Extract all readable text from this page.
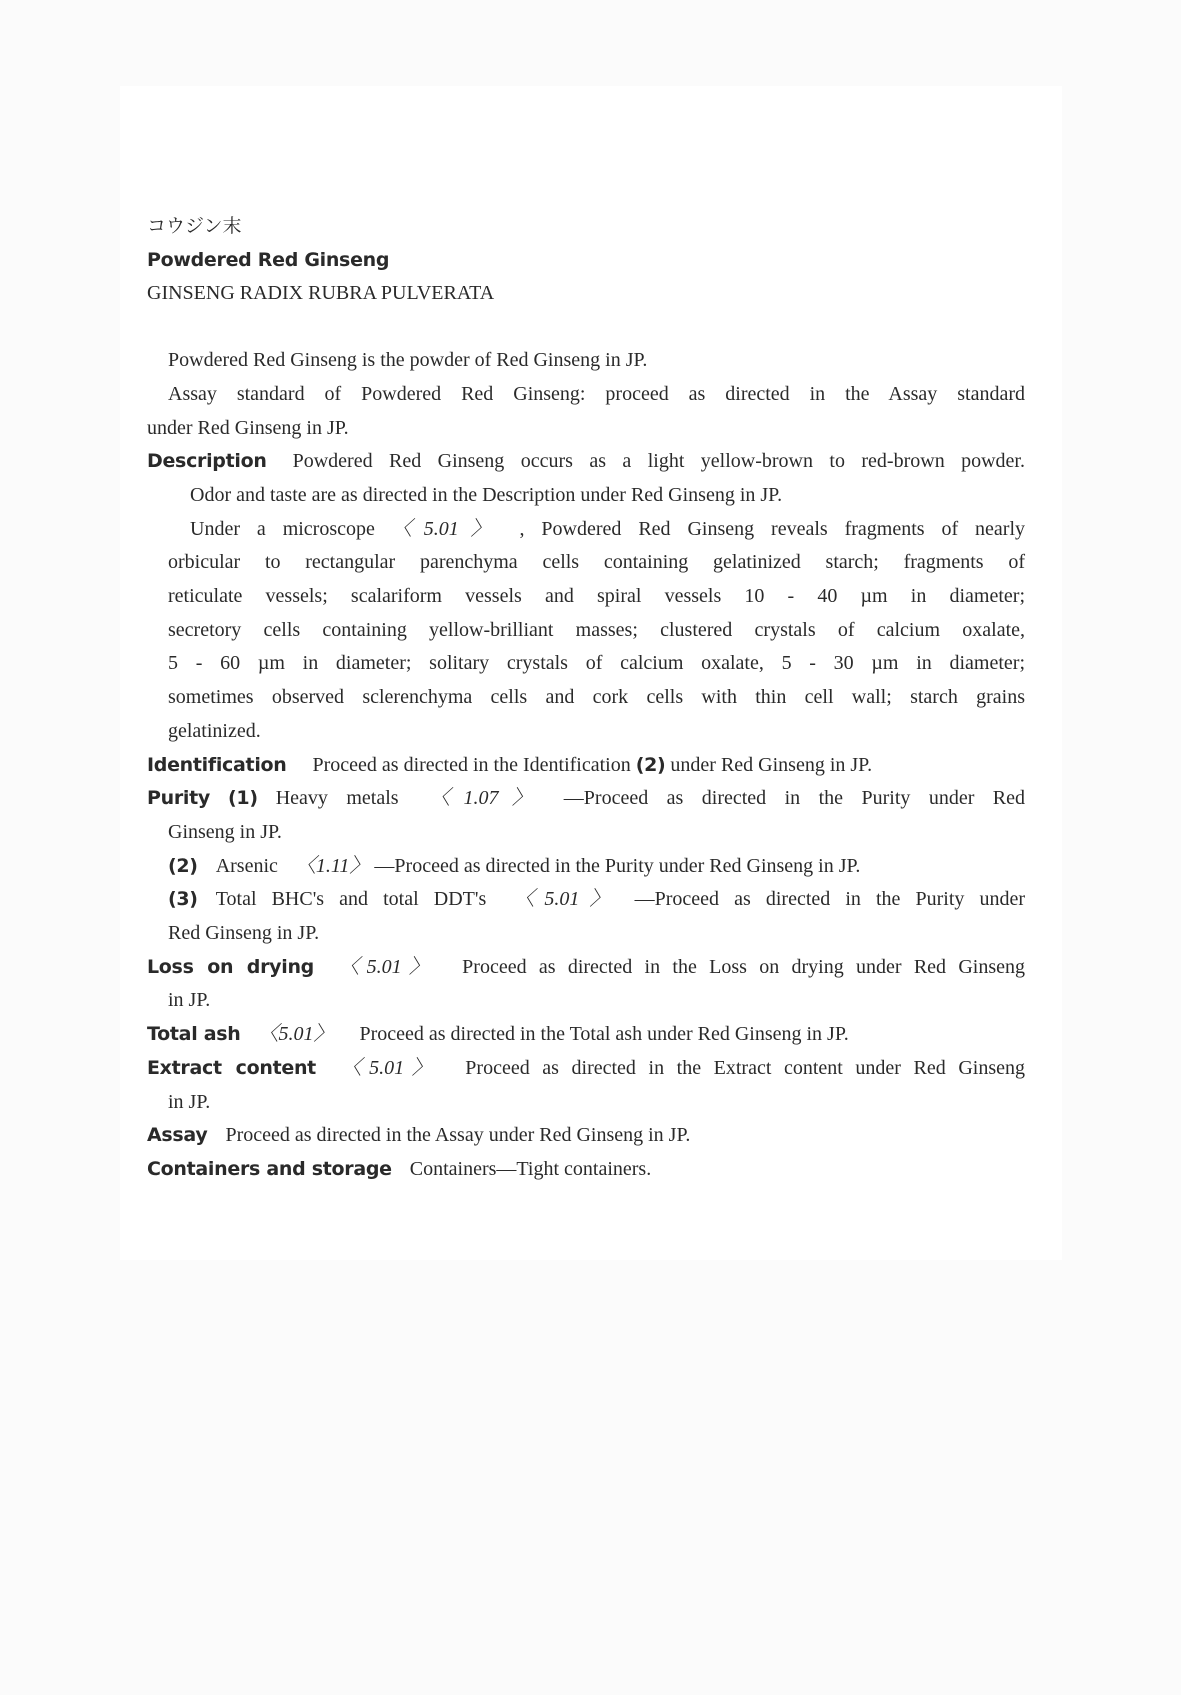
コウジン末
Powdered Red Ginseng
GINSENG RADIX RUBRA PULVERATA
Powdered Red Ginseng is the powder of Red Ginseng in JP.
Assay standard of Powdered Red Ginseng: proceed as directed in the Assay standard
under Red Ginseng in JP.
Description Powdered Red Ginseng occurs as a light yellow-brown to red-brown powder.
Odor and taste are as directed in the Description under Red Ginseng in JP.
Under a microscope 〈5.01〉 , Powdered Red Ginseng reveals fragments of nearly
orbicular to rectangular parenchyma cells containing gelatinized starch; fragments of
reticulate vessels; scalariform vessels and spiral vessels 10 - 40 µm in diameter;
secretory cells containing yellow-brilliant masses; clustered crystals of calcium oxalate,
5 - 60 µm in diameter; solitary crystals of calcium oxalate, 5 - 30 µm in diameter;
sometimes observed sclerenchyma cells and cork cells with thin cell wall; starch grains
gelatinized.
Identification Proceed as directed in the Identification (2) under Red Ginseng in JP.
Purity (1) Heavy metals 〈1.07〉 —Proceed as directed in the Purity under Red
Ginseng in JP.
(2) Arsenic 〈1.11〉 —Proceed as directed in the Purity under Red Ginseng in JP.
(3) Total BHC's and total DDT's 〈5.01〉 —Proceed as directed in the Purity under
Red Ginseng in JP.
Loss on drying 〈5.01〉 Proceed as directed in the Loss on drying under Red Ginseng
in JP.
Total ash 〈5.01〉 Proceed as directed in the Total ash under Red Ginseng in JP.
Extract content 〈5.01〉 Proceed as directed in the Extract content under Red Ginseng
in JP.
Assay Proceed as directed in the Assay under Red Ginseng in JP.
Containers and storage Containers—Tight containers.
